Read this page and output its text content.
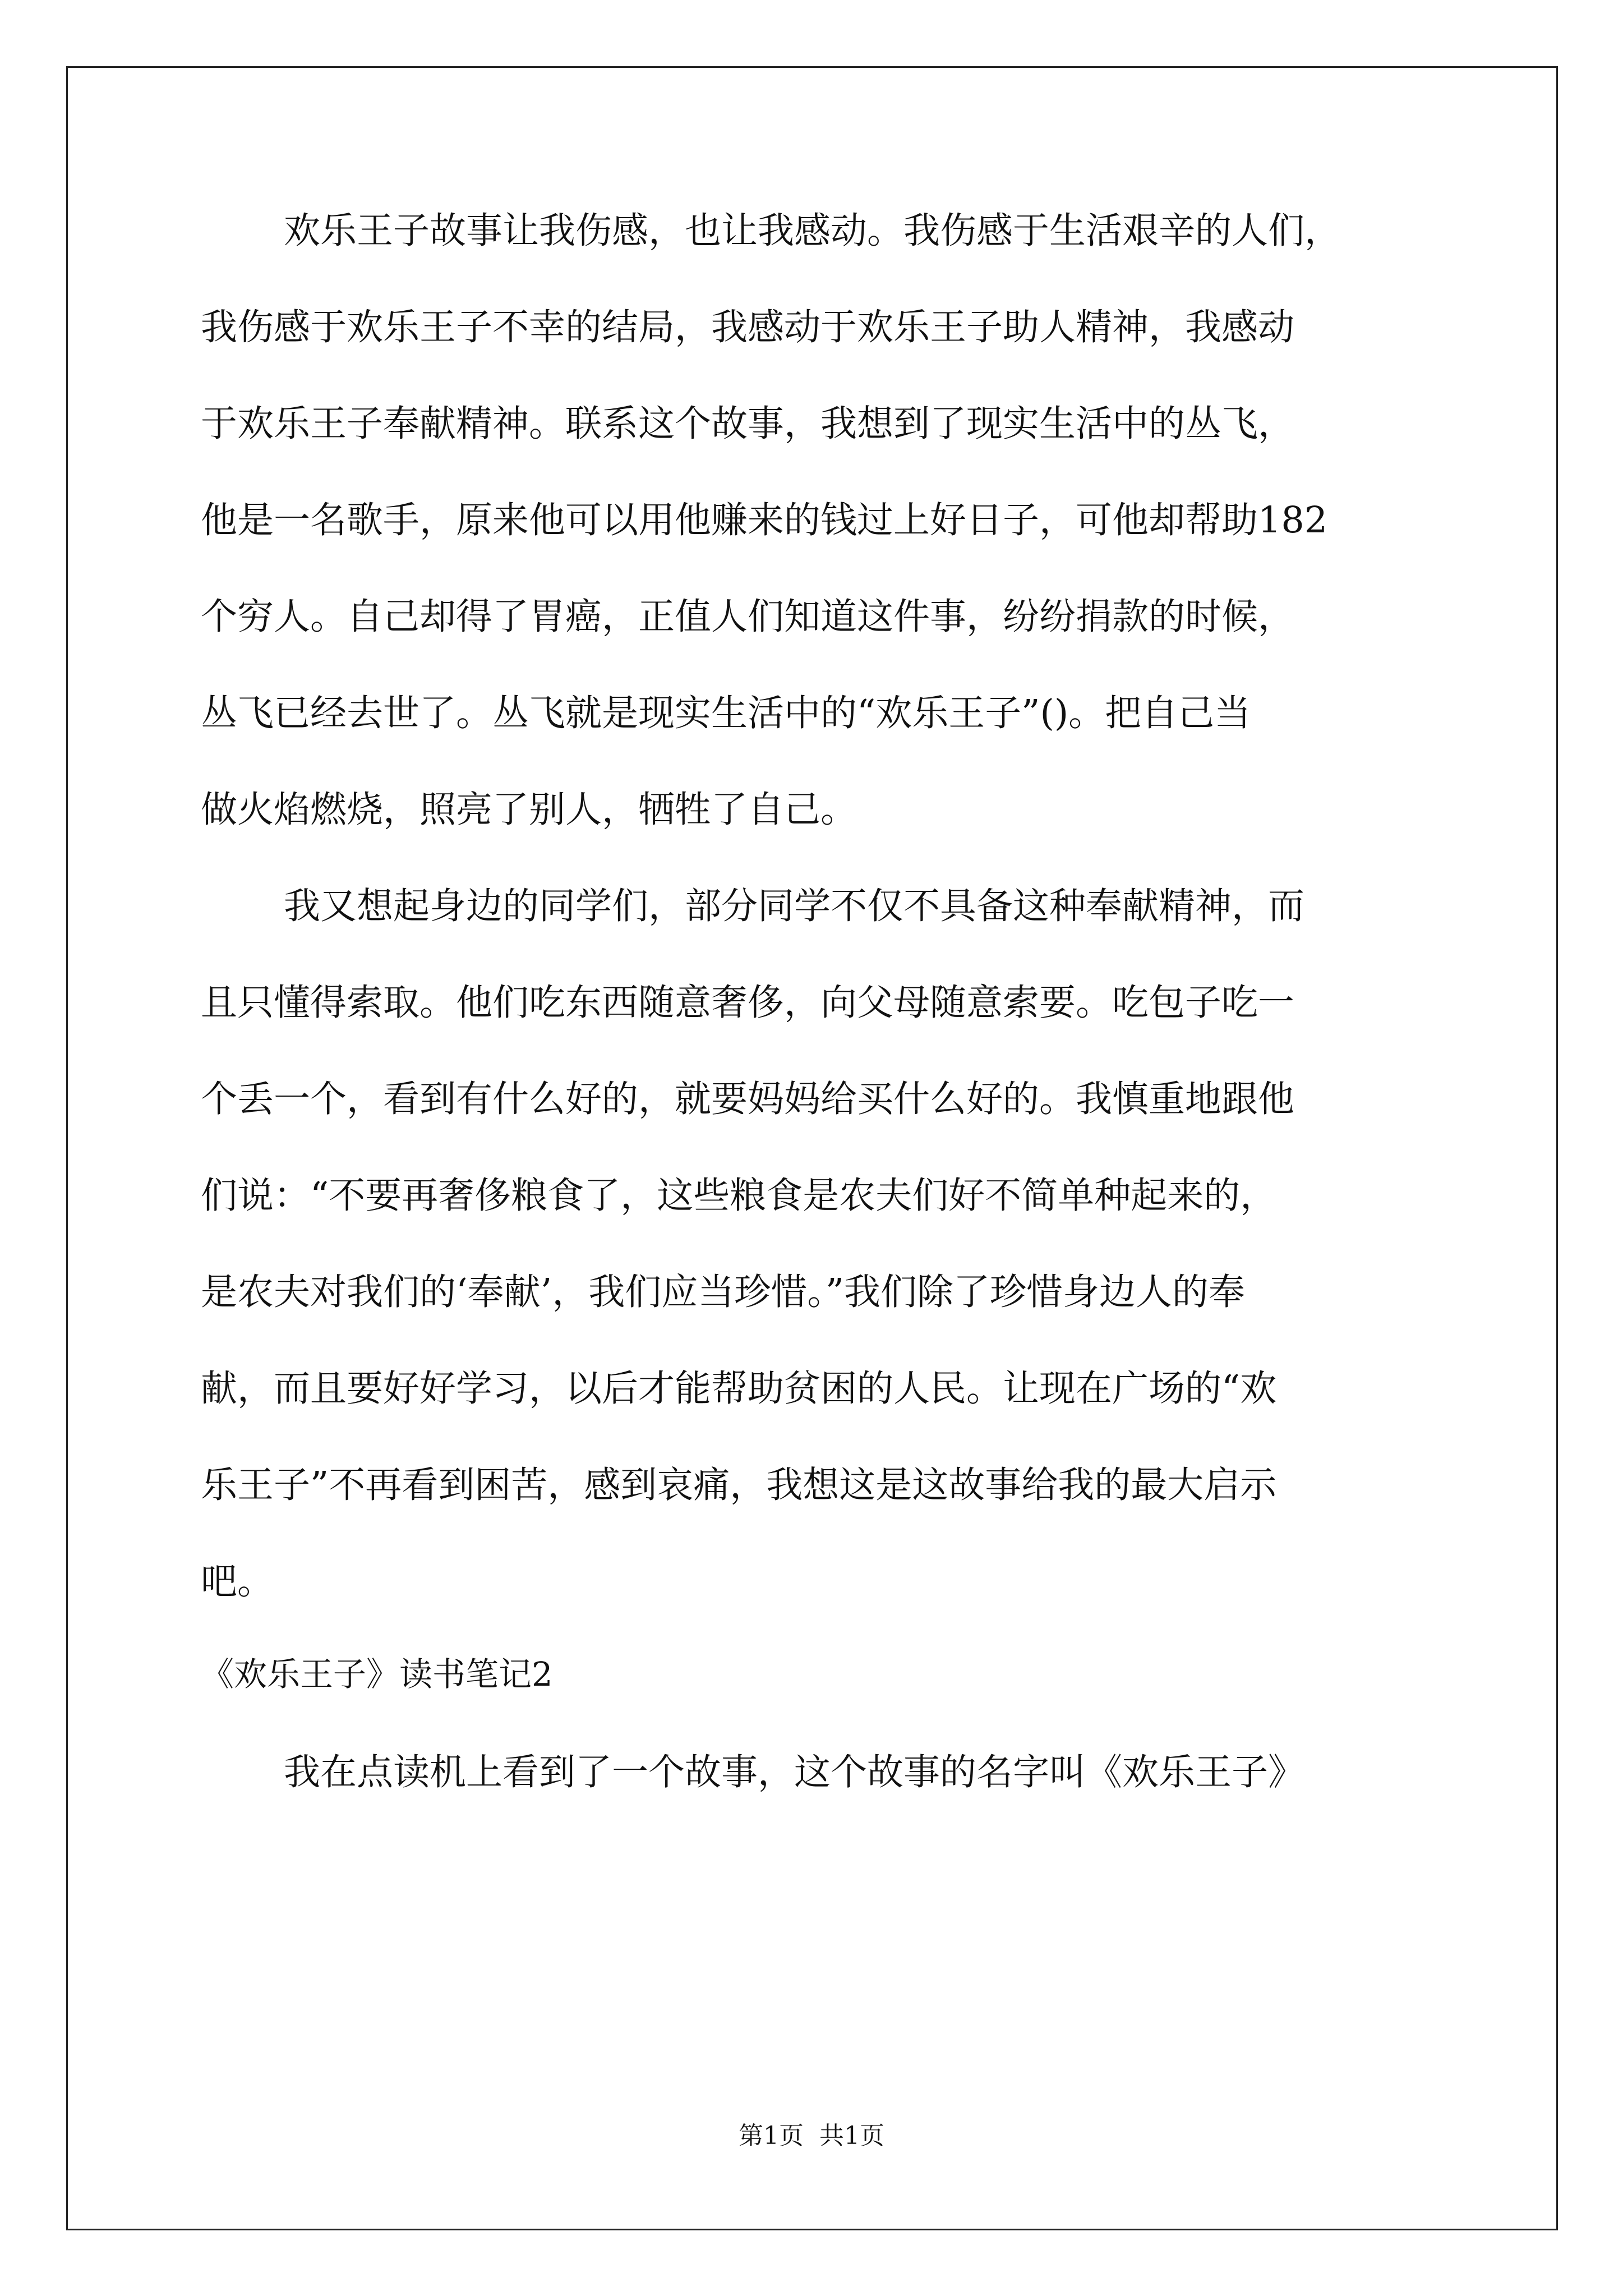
欢乐王子故事让我伤感，也让我感动。我伤感于生活艰辛的人们，
我伤感于欢乐王子不幸的结局，我感动于欢乐王子助人精神，我感动
于欢乐王子奉献精神。联系这个故事，我想到了现实生活中的丛飞，
他是一名歌手，原来他可以用他赚来的钱过上好日子，可他却帮助182
个穷人。自己却得了胃癌，正值人们知道这件事，纷纷捐款的时候，
丛飞已经去世了。丛飞就是现实生活中的“欢乐王子”()。把自己当
做火焰燃烧，照亮了别人，牺牲了自己。
我又想起身边的同学们，部分同学不仅不具备这种奉献精神，而
且只懂得索取。他们吃东西随意奢侈，向父母随意索要。吃包子吃一
个丢一个，看到有什么好的，就要妈妈给买什么好的。我慎重地跟他
们说：“不要再奢侈粮食了，这些粮食是农夫们好不简单种起来的，
是农夫对我们的‘奉献’，我们应当珍惜。”我们除了珍惜身边人的奉
献，而且要好好学习，以后才能帮助贫困的人民。让现在广场的“欢
乐王子”不再看到困苦，感到哀痛，我想这是这故事给我的最大启示
吧。
《欢乐王子》读书笔记2
我在点读机上看到了一个故事，这个故事的名字叫《欢乐王子》
第1页  共1页
